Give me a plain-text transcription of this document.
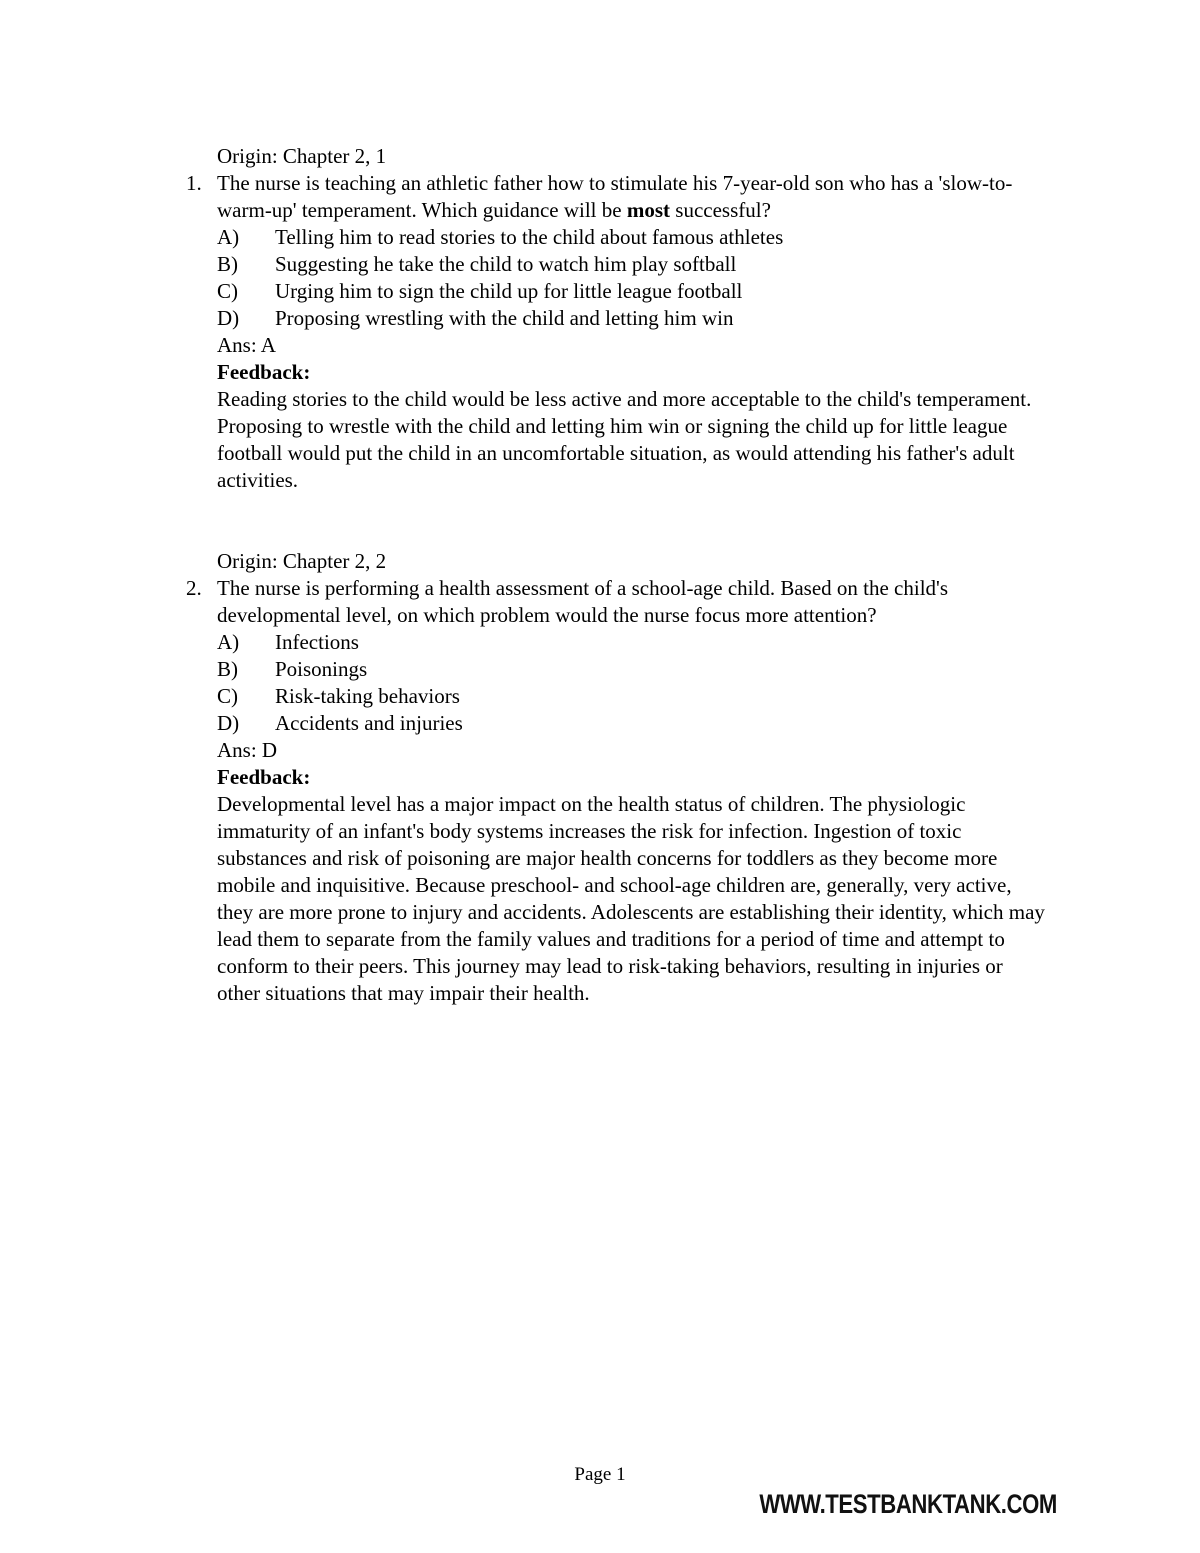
Origin: Chapter 2, 1
1. The nurse is teaching an athletic father how to stimulate his 7-year-old son who has a 'slow-to-warm-up' temperament. Which guidance will be most successful?
A)	Telling him to read stories to the child about famous athletes
B)	Suggesting he take the child to watch him play softball
C)	Urging him to sign the child up for little league football
D)	Proposing wrestling with the child and letting him win
Ans: A
Feedback:
Reading stories to the child would be less active and more acceptable to the child's temperament. Proposing to wrestle with the child and letting him win or signing the child up for little league football would put the child in an uncomfortable situation, as would attending his father's adult activities.
Origin: Chapter 2, 2
2. The nurse is performing a health assessment of a school-age child. Based on the child's developmental level, on which problem would the nurse focus more attention?
A)	Infections
B)	Poisonings
C)	Risk-taking behaviors
D)	Accidents and injuries
Ans: D
Feedback:
Developmental level has a major impact on the health status of children. The physiologic immaturity of an infant's body systems increases the risk for infection. Ingestion of toxic substances and risk of poisoning are major health concerns for toddlers as they become more mobile and inquisitive. Because preschool- and school-age children are, generally, very active, they are more prone to injury and accidents. Adolescents are establishing their identity, which may lead them to separate from the family values and traditions for a period of time and attempt to conform to their peers. This journey may lead to risk-taking behaviors, resulting in injuries or other situations that may impair their health.
Page 1
WWW.TESTBANKTANK.COM
